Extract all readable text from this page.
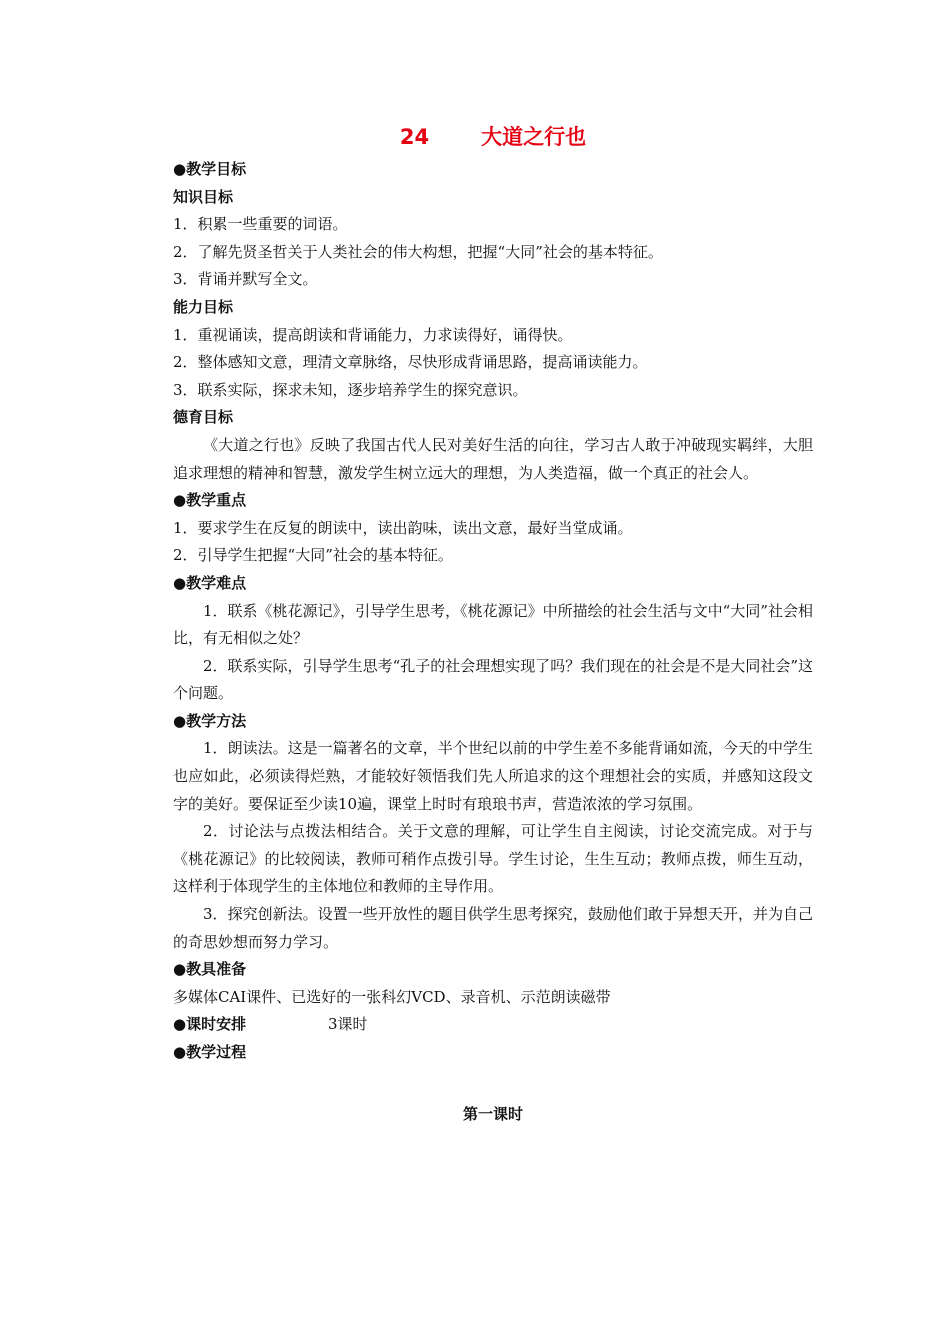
24 大道之行也
●教学目标
知识目标
1．积累一些重要的词语。
2．了解先贤圣哲关于人类社会的伟大构想，把握“大同”社会的基本特征。
3．背诵并默写全文。
能力目标
1．重视诵读，提高朗读和背诵能力，力求读得好，诵得快。
2．整体感知文意，理清文章脉络，尽快形成背诵思路，提高诵读能力。
3．联系实际，探求未知，逐步培养学生的探究意识。
德育目标
《大道之行也》反映了我国古代人民对美好生活的向往，学习古人敢于冲破现实羁绊，大胆追求理想的精神和智慧，激发学生树立远大的理想，为人类造福，做一个真正的社会人。
●教学重点
1．要求学生在反复的朗读中，读出韵味，读出文意，最好当堂成诵。
2．引导学生把握“大同”社会的基本特征。
●教学难点
1．联系《桃花源记》，引导学生思考，《桃花源记》中所描绘的社会生活与文中“大同”社会相比，有无相似之处？
2．联系实际，引导学生思考“孔子的社会理想实现了吗？我们现在的社会是不是大同社会”这个问题。
●教学方法
1．朗读法。这是一篇著名的文章，半个世纪以前的中学生差不多能背诵如流，今天的中学生也应如此，必须读得烂熟，才能较好领悟我们先人所追求的这个理想社会的实质，并感知这段文字的美好。要保证至少读10遍，课堂上时时有琅琅书声，营造浓浓的学习氛围。
2．讨论法与点拨法相结合。关于文意的理解，可让学生自主阅读，讨论交流完成。对于与《桃花源记》的比较阅读，教师可稍作点拨引导。学生讨论，生生互动；教师点拨，师生互动，这样利于体现学生的主体地位和教师的主导作用。
3．探究创新法。设置一些开放性的题目供学生思考探究，鼓励他们敢于异想天开，并为自己的奇思妙想而努力学习。
●教具准备
多媒体CAI课件、已选好的一张科幻VCD、录音机、示范朗读磁带
●课时安排	3课时
●教学过程
第一课时
